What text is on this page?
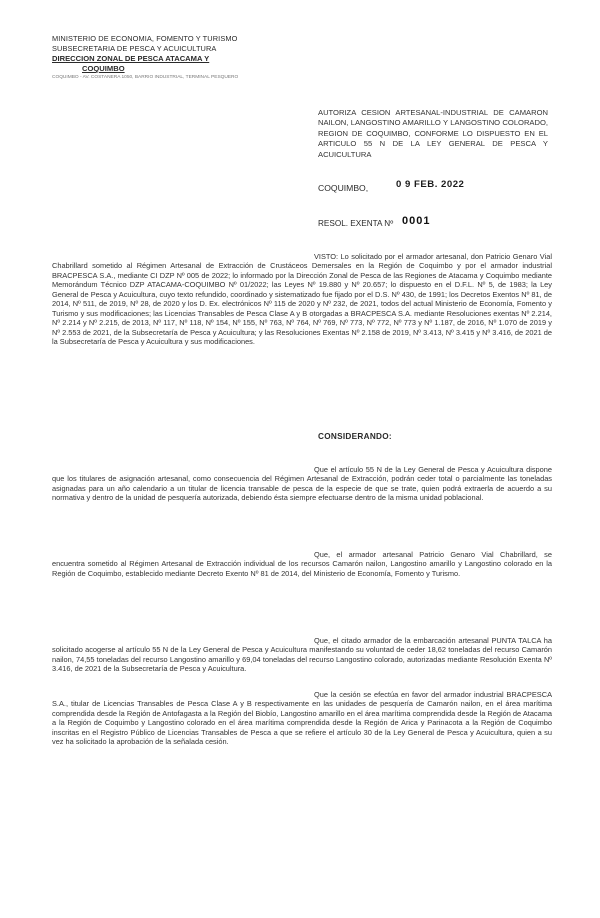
MINISTERIO DE ECONOMIA, FOMENTO Y TURISMO
SUBSECRETARIA DE PESCA Y ACUICULTURA
DIRECCION ZONAL DE PESCA ATACAMA Y
COQUIMBO
COQUIMBO - AV. COSTANERA 1050, BARRIO INDUSTRIAL, TERMINAL PESQUERO
AUTORIZA CESION ARTESANAL-INDUSTRIAL DE CAMARON NAILON, LANGOSTINO AMARILLO Y LANGOSTINO COLORADO, REGION DE COQUIMBO, CONFORME LO DISPUESTO EN EL ARTICULO 55 N DE LA LEY GENERAL DE PESCA Y ACUICULTURA
COQUIMBO,	0 9 FEB. 2022
RESOL. EXENTA Nº 0001
VISTO: Lo solicitado por el armador artesanal, don Patricio Genaro Vial Chabrillard sometido al Régimen Artesanal de Extracción de Crustáceos Demersales en la Región de Coquimbo y por el armador industrial BRACPESCA S.A., mediante CI DZP Nº 005 de 2022; lo informado por la Dirección Zonal de Pesca de las Regiones de Atacama y Coquimbo mediante Memorándum Técnico DZP ATACAMA-COQUIMBO Nº 01/2022; las Leyes Nº 19.880 y Nº 20.657; lo dispuesto en el D.F.L. Nº 5, de 1983; la Ley General de Pesca y Acuicultura, cuyo texto refundido, coordinado y sistematizado fue fijado por el D.S. Nº 430, de 1991; los Decretos Exentos Nº 81, de 2014, Nº 511, de 2019, Nº 28, de 2020 y los D. Ex. electrónicos Nº 115 de 2020 y Nº 232, de 2021, todos del actual Ministerio de Economía, Fomento y Turismo y sus modificaciones; las Licencias Transables de Pesca Clase A y B otorgadas a BRACPESCA S.A. mediante Resoluciones exentas Nº 2.214, Nº 2.214 y Nº 2.215, de 2013, Nº 117, Nº 118, Nº 154, Nº 155, Nº 763, Nº 764, Nº 769, Nº 773, Nº 772, Nº 773 y Nº 1.187, de 2016, Nº 1.070 de 2019 y Nº 2.553 de 2021, de la Subsecretaría de Pesca y Acuicultura; y las Resoluciones Exentas Nº 2.158 de 2019, Nº 3.413, Nº 3.415 y Nº 3.416, de 2021 de la Subsecretaría de Pesca y Acuicultura y sus modificaciones.
CONSIDERANDO:
Que el artículo 55 N de la Ley General de Pesca y Acuicultura dispone que los titulares de asignación artesanal, como consecuencia del Régimen Artesanal de Extracción, podrán ceder total o parcialmente las toneladas asignadas para un año calendario a un titular de licencia transable de pesca de la especie de que se trate, quien podrá extraerla de acuerdo a su normativa y dentro de la unidad de pesquería autorizada, debiendo ésta siempre efectuarse dentro de la misma unidad poblacional.
Que, el armador artesanal Patricio Genaro Vial Chabrillard, se encuentra sometido al Régimen Artesanal de Extracción individual de los recursos Camarón nailon, Langostino amarillo y Langostino colorado en la Región de Coquimbo, establecido mediante Decreto Exento Nº 81 de 2014, del Ministerio de Economía, Fomento y Turismo.
Que, el citado armador de la embarcación artesanal PUNTA TALCA ha solicitado acogerse al artículo 55 N de la Ley General de Pesca y Acuicultura manifestando su voluntad de ceder 18,62 toneladas del recurso Camarón nailon, 74,55 toneladas del recurso Langostino amarillo y 69,04 toneladas del recurso Langostino colorado, autorizadas mediante Resolución Exenta Nº 3.416, de 2021 de la Subsecretaría de Pesca y Acuicultura.
Que la cesión se efectúa en favor del armador industrial BRACPESCA S.A., titular de Licencias Transables de Pesca Clase A y B respectivamente en las unidades de pesquería de Camarón nailon, en el área marítima comprendida desde la Región de Antofagasta a la Región del Biobío, Langostino amarillo en el área marítima comprendida desde la Región de Atacama a la Región de Coquimbo y Langostino colorado en el área marítima comprendida desde la Región de Arica y Parinacota a la Región de Coquimbo inscritas en el Registro Público de Licencias Transables de Pesca a que se refiere el artículo 30 de la Ley General de Pesca y Acuicultura, quien a su vez ha solicitado la aprobación de la señalada cesión.
